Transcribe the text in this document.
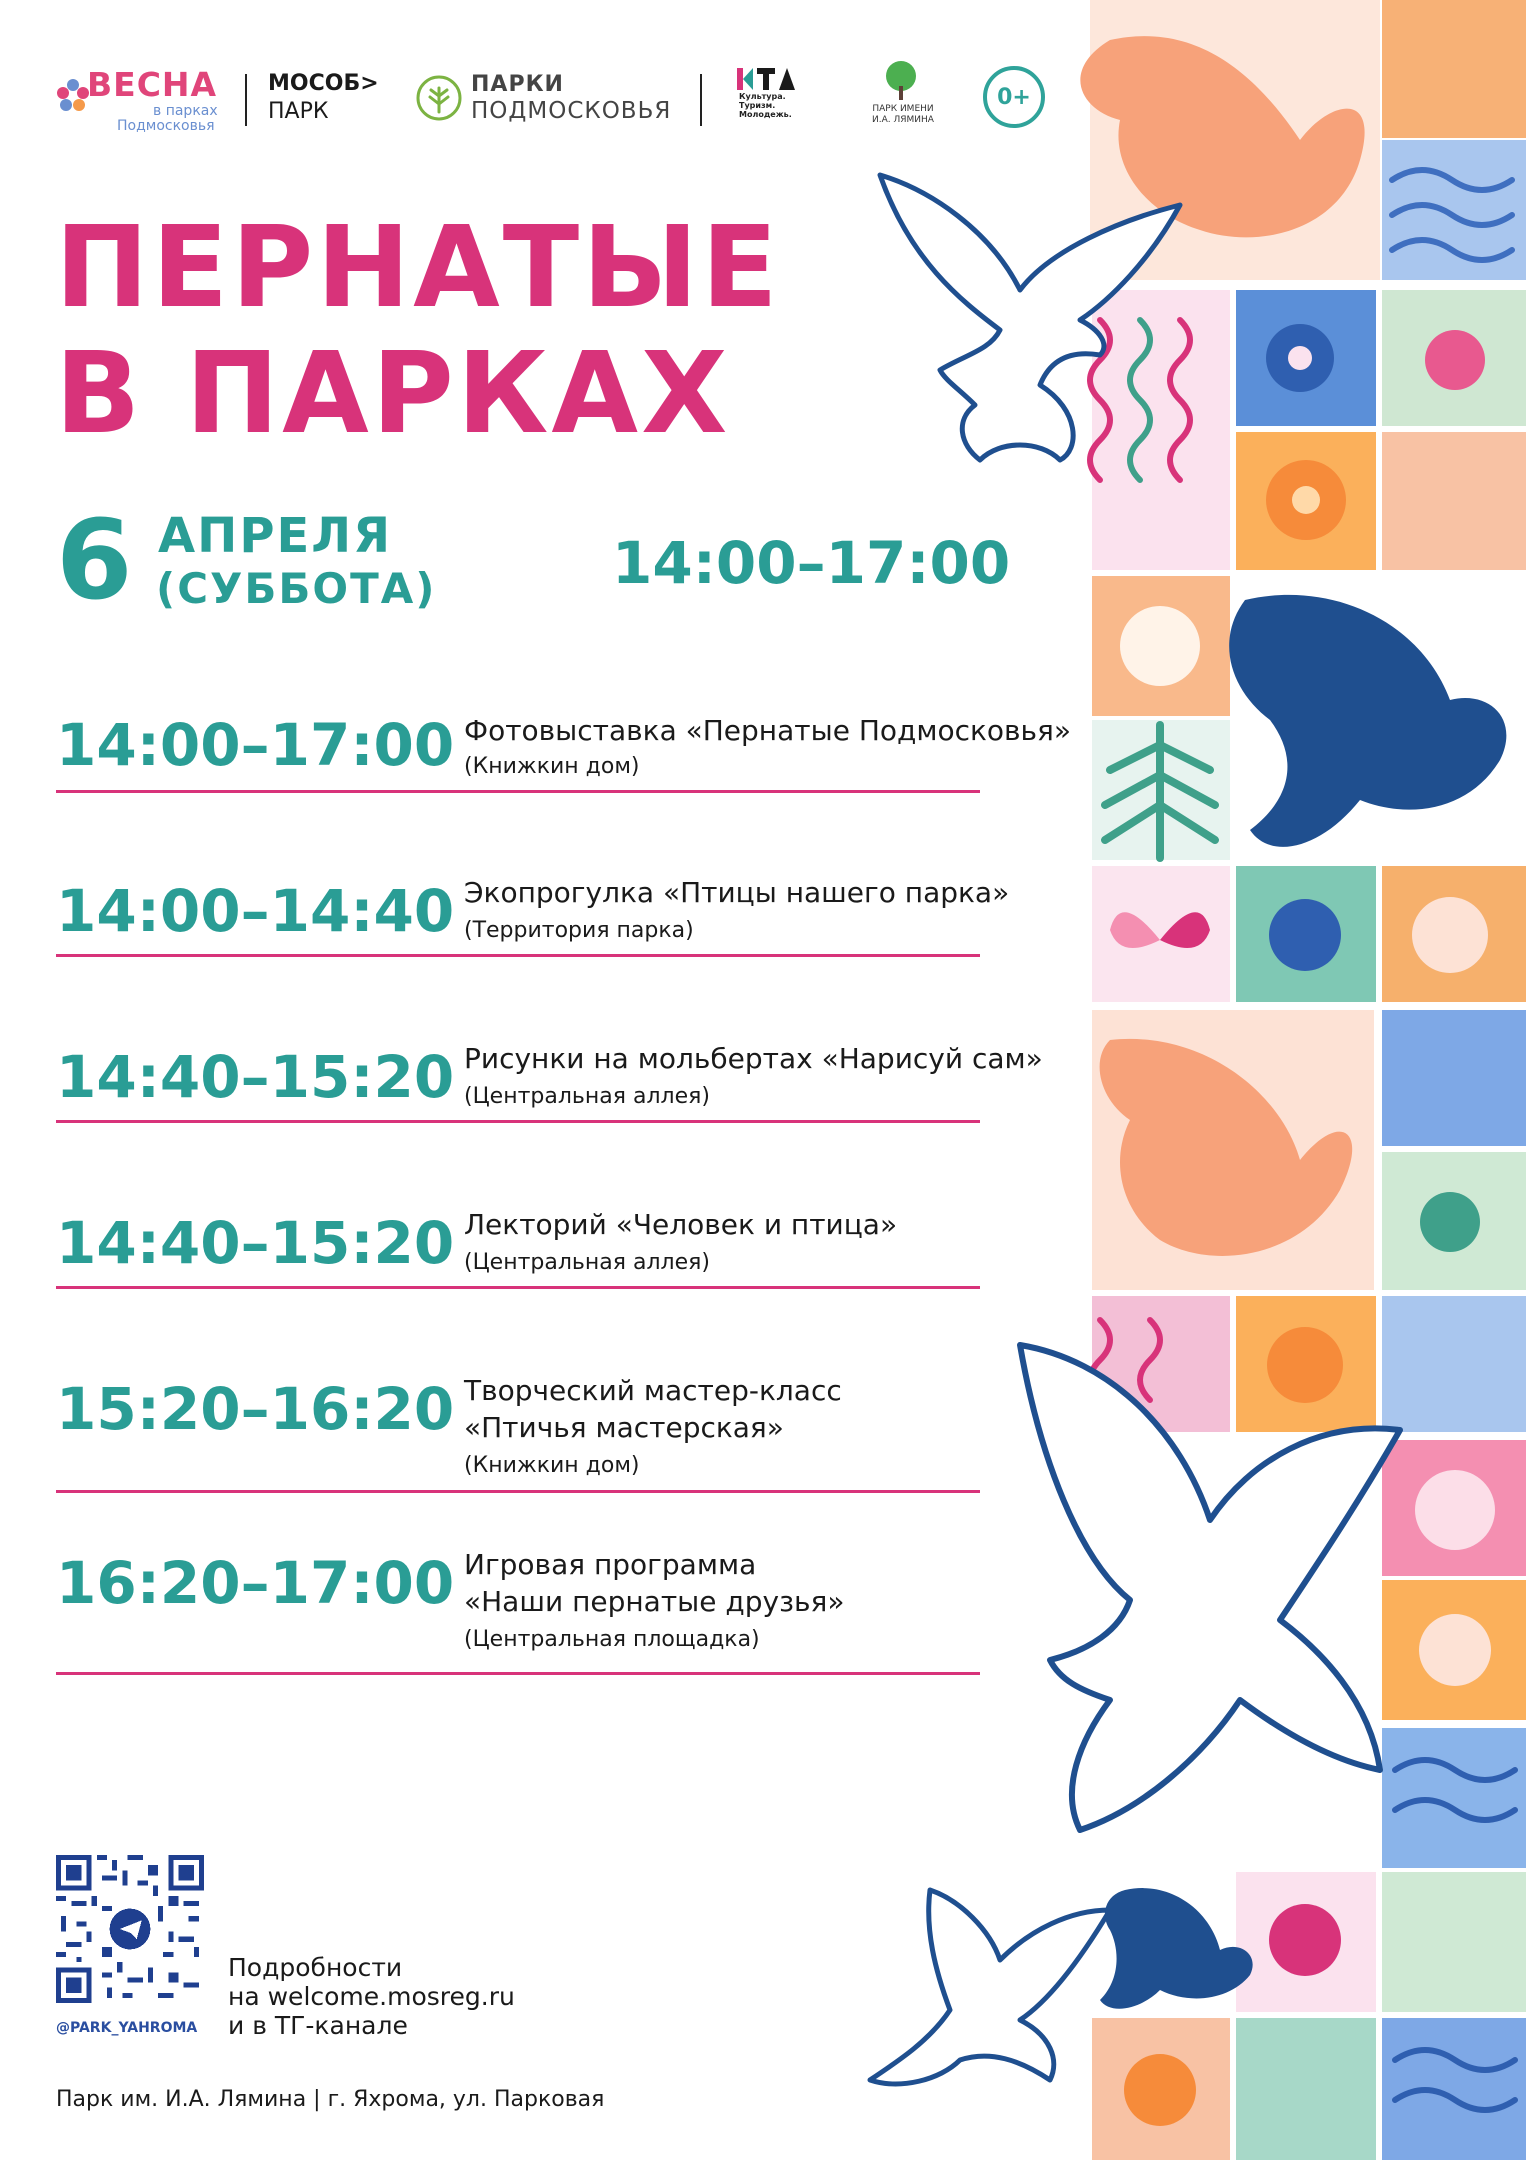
ВЕСНА
в парках
Подмосковья
МОСОБ>
ПАРК
ПАРКИ
ПОДМОСКОВЬЯ
Культура.
Туризм.
Молодежь.
ПАРК ИМЕНИ
И.А. ЛЯМИНА
0+
ПЕРНАТЫЕ
В ПАРКАХ
6 АПРЕЛЯ
(СУББОТА)	14:00–17:00
14:00–17:00 Фотовыставка «Пернатые Подмосковья»
(Книжкин дом)
14:00–14:40 Экопрогулка «Птицы нашего парка»
(Территория парка)
14:40–15:20 Рисунки на мольбертах «Нарисуй сам»
(Центральная аллея)
14:40–15:20 Лекторий «Человек и птица»
(Центральная аллея)
15:20–16:20 Творческий мастер-класс
«Птичья мастерская»
(Книжкин дом)
16:20–17:00 Игровая программа
«Наши пернатые друзья»
(Центральная площадка)
@PARK_YAHROMA
Подробности
на welcome.mosreg.ru
и в ТГ-канале
Парк им. И.А. Лямина | г. Яхрома, ул. Парковая
